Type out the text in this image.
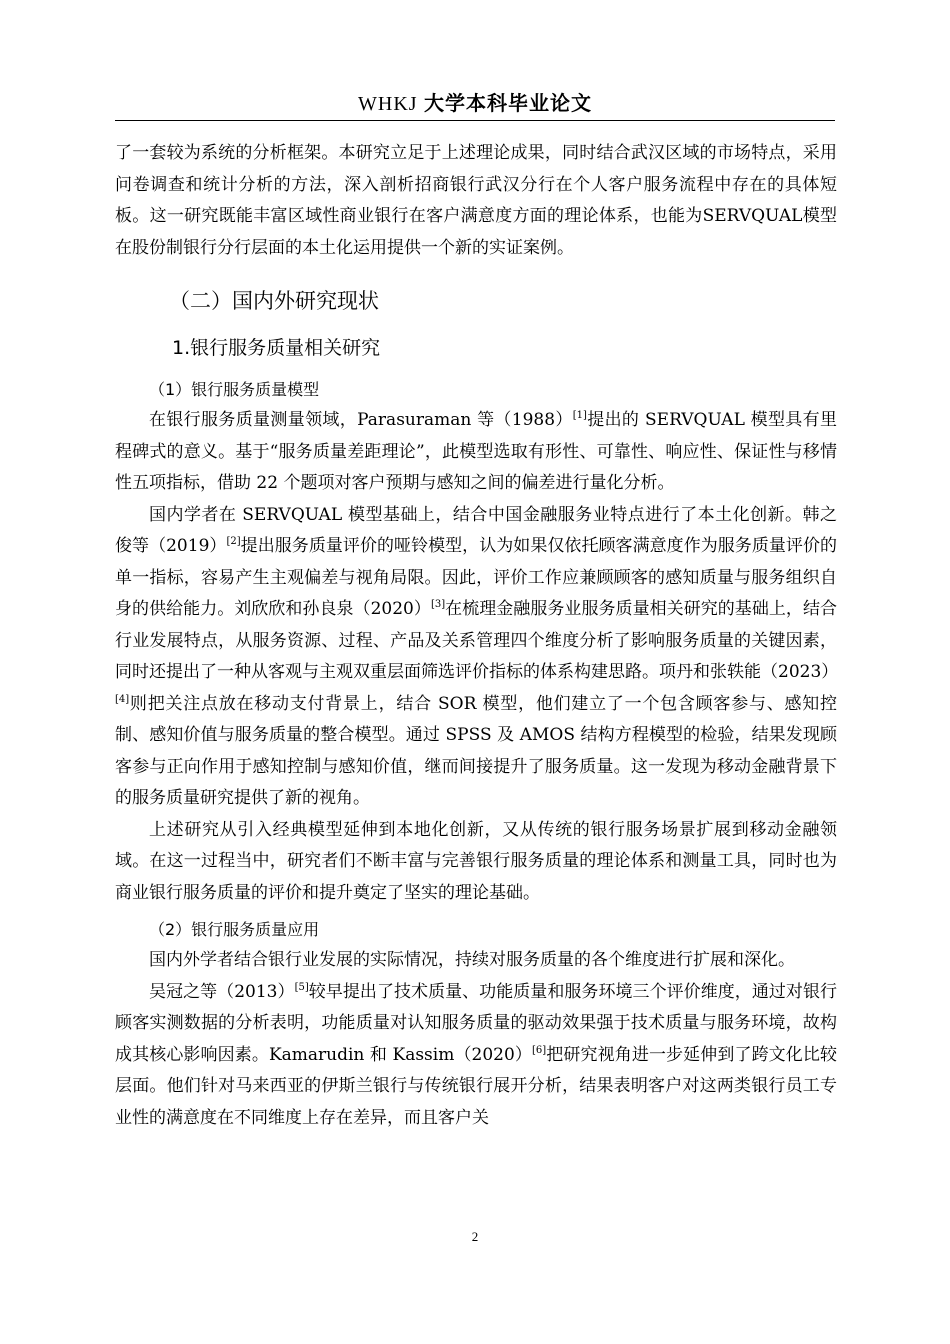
WHKJ 大学本科毕业论文

了一套较为系统的分析框架。本研究立足于上述理论成果，同时结合武汉区域的市场特点，采用问卷调查和统计分析的方法，深入剖析招商银行武汉分行在个人客户服务流程中存在的具体短板。这一研究既能丰富区域性商业银行在客户满意度方面的理论体系，也能为SERVQUAL模型在股份制银行分行层面的本土化运用提供一个新的实证案例。

（二）国内外研究现状
1.银行服务质量相关研究
（1）银行服务质量模型

在银行服务质量测量领域，Parasuraman 等（1988）[1]提出的 SERVQUAL 模型具有里程碑式的意义。基于“服务质量差距理论”，此模型选取有形性、可靠性、响应性、保证性与移情性五项指标，借助 22 个题项对客户预期与感知之间的偏差进行量化分析。

国内学者在 SERVQUAL 模型基础上，结合中国金融服务业特点进行了本土化创新。韩之俊等（2019）[2]提出服务质量评价的哑铃模型，认为如果仅依托顾客满意度作为服务质量评价的单一指标，容易产生主观偏差与视角局限。因此，评价工作应兼顾顾客的感知质量与服务组织自身的供给能力。刘欣欣和孙良泉（2020）[3]在梳理金融服务业服务质量相关研究的基础上，结合行业发展特点，从服务资源、过程、产品及关系管理四个维度分析了影响服务质量的关键因素，同时还提出了一种从客观与主观双重层面筛选评价指标的体系构建思路。项丹和张轶能（2023）[4]则把关注点放在移动支付背景上，结合 SOR 模型，他们建立了一个包含顾客参与、感知控制、感知价值与服务质量的整合模型。通过 SPSS 及 AMOS 结构方程模型的检验，结果发现顾客参与正向作用于感知控制与感知价值，继而间接提升了服务质量。这一发现为移动金融背景下的服务质量研究提供了新的视角。

上述研究从引入经典模型延伸到本地化创新，又从传统的银行服务场景扩展到移动金融领域。在这一过程当中，研究者们不断丰富与完善银行服务质量的理论体系和测量工具，同时也为商业银行服务质量的评价和提升奠定了坚实的理论基础。

（2）银行服务质量应用

国内外学者结合银行业发展的实际情况，持续对服务质量的各个维度进行扩展和深化。

吴冠之等（2013）[5]较早提出了技术质量、功能质量和服务环境三个评价维度，通过对银行顾客实测数据的分析表明，功能质量对认知服务质量的驱动效果强于技术质量与服务环境，故构成其核心影响因素。Kamarudin 和 Kassim（2020）[6]把研究视角进一步延伸到了跨文化比较层面。他们针对马来西亚的伊斯兰银行与传统银行展开分析，结果表明客户对这两类银行员工专业性的满意度在不同维度上存在差异，而且客户关

2
